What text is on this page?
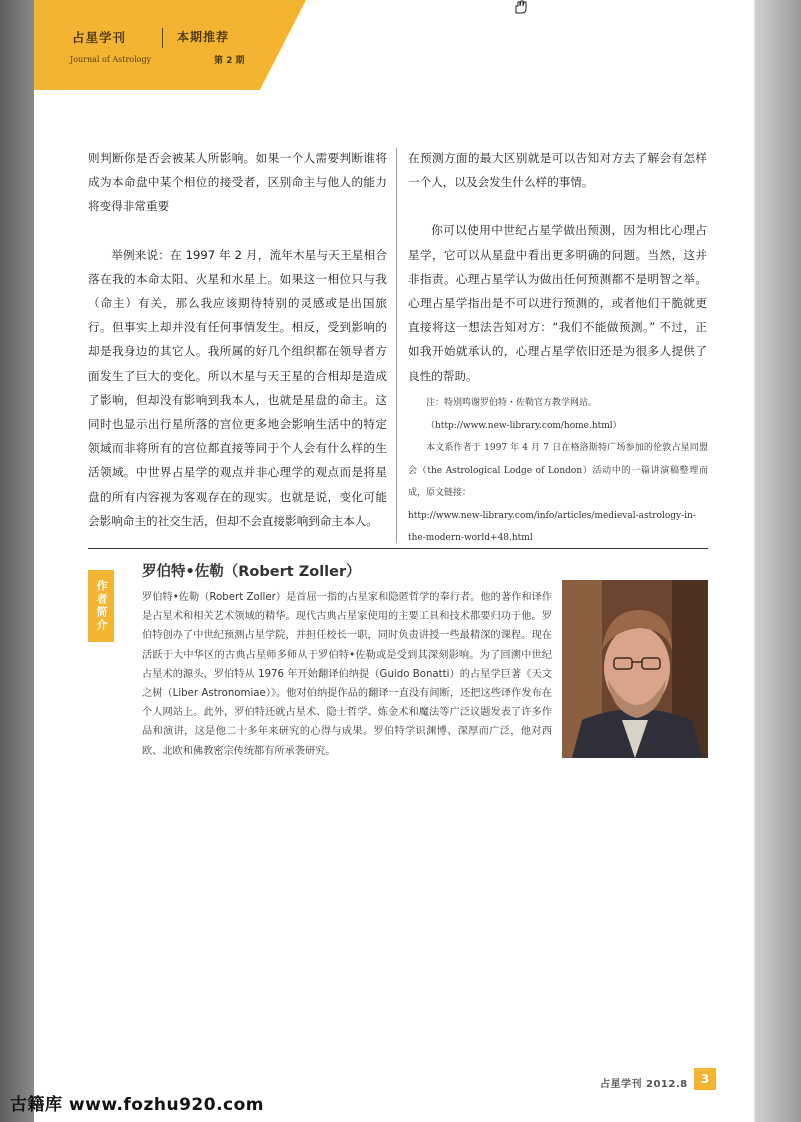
占星学刊
Journal of Astrology
本期推荐
第 2 期

则判断你是否会被某人所影响。如果一个人需要判断谁将成为本命盘中某个相位的接受者，区别命主与他人的能力将变得非常重要

举例来说：在 1997 年 2 月，流年木星与天王星相合落在我的本命太阳、火星和水星上。如果这一相位只与我（命主）有关，那么我应该期待特别的灵感或是出国旅行。但事实上却并没有任何事情发生。相反，受到影响的却是我身边的其它人。我所属的好几个组织都在领导者方面发生了巨大的变化。所以木星与天王星的合相却是造成了影响，但却没有影响到我本人，也就是星盘的命主。这同时也显示出行星所落的宫位更多地会影响生活中的特定领域而非将所有的宫位都直接等同于个人会有什么样的生活领域。中世界占星学的观点并非心理学的观点而是将星盘的所有内容视为客观存在的现实。也就是说，变化可能会影响命主的社交生活，但却不会直接影响到命主本人。

在预测方面的最大区别就是可以告知对方去了解会有怎样一个人，以及会发生什么样的事情。

你可以使用中世纪占星学做出预测，因为相比心理占星学，它可以从星盘中看出更多明确的问题。当然，这并非指责。心理占星学认为做出任何预测都不是明智之举。心理占星学指出是不可以进行预测的，或者他们干脆就更直接将这一想法告知对方：“我们不能做预测。” 不过，正如我开始就承认的，心理占星学依旧还是为很多人提供了良性的帮助。

注：特别鸣谢罗伯特・佐勒官方教学网站。

（http://www.new-library.com/home.html）

本文系作者于 1997 年 4 月 7 日在格洛斯特广场参加的伦敦占星同盟会（the Astrological Lodge of London）活动中的一篇讲演稿整理而成，原文链接：

http://www.new-library.com/info/articles/medieval-astrology-in-the-modern-world+48.html

作者简介
罗伯特•佐勒（Robert Zoller）
罗伯特•佐勒（Robert Zoller）是首屈一指的占星家和隐匿哲学的奉行者。他的著作和译作是占星术和相关艺术领域的精华。现代古典占星家使用的主要工具和技术都要归功于他。罗伯特创办了中世纪预测占星学院，并担任校长一职，同时负责讲授一些最精深的课程。现在活跃于大中华区的古典占星师多师从于罗伯特•佐勒或是受到其深刻影响。为了回溯中世纪占星术的源头，罗伯特从 1976 年开始翻译伯纳提（Guido Bonatti）的占星学巨著《天文之树（Liber Astronomiae）》。他对伯纳提作品的翻译一直没有间断，还把这些译作发布在个人网站上。此外，罗伯特还就占星术、隐士哲学、炼金术和魔法等广泛议题发表了许多作品和演讲，这是他二十多年来研究的心得与成果。罗伯特学识渊博、深厚而广泛，他对西欧、北欧和佛教密宗传统都有所承袭研究。
占星学刊 2012.8	3
古籍库 www.fozhu920.com
